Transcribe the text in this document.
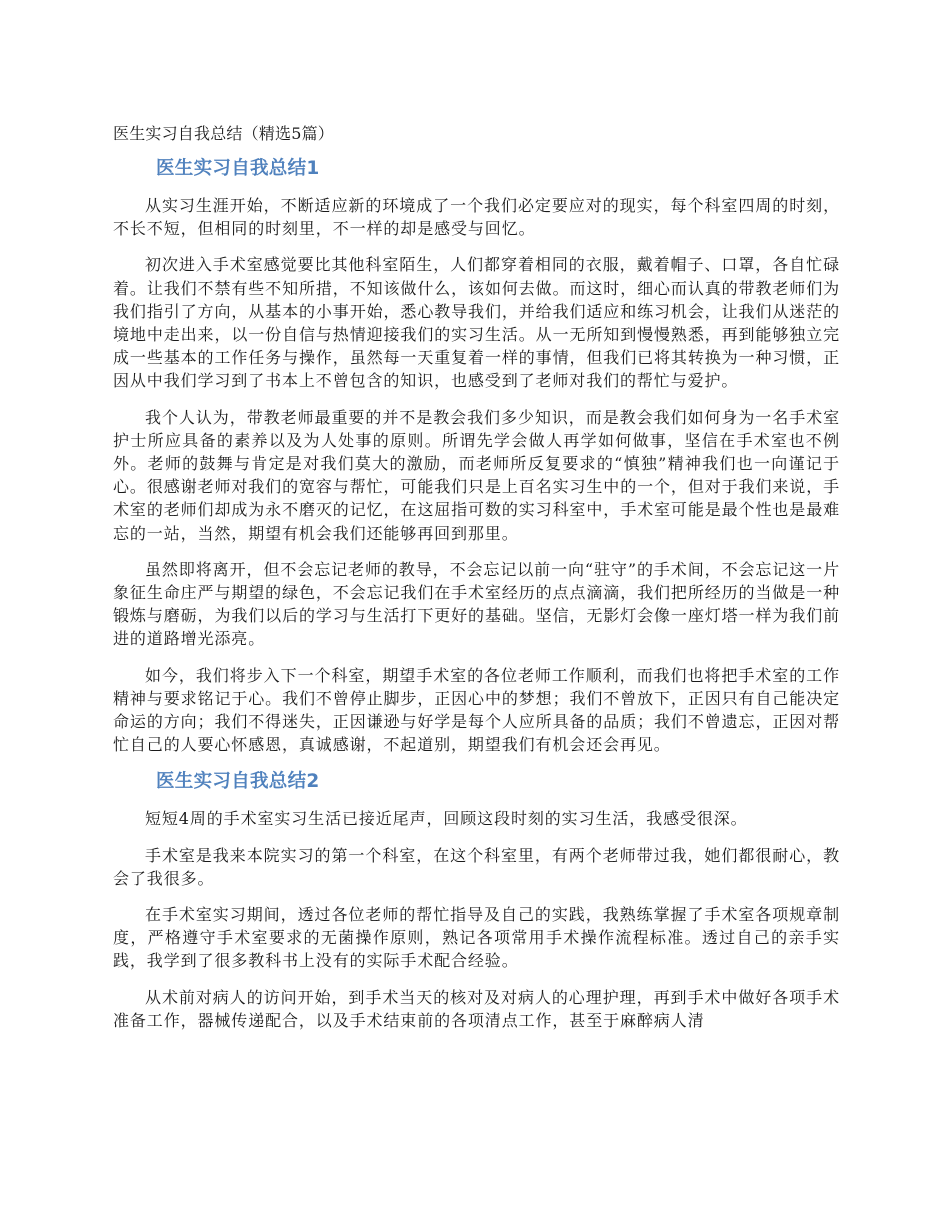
医生实习自我总结（精选5篇）
医生实习自我总结1

从实习生涯开始，不断适应新的环境成了一个我们必定要应对的现实，每个科室四周的时刻，不长不短，但相同的时刻里，不一样的却是感受与回忆。

初次进入手术室感觉要比其他科室陌生，人们都穿着相同的衣服，戴着帽子、口罩，各自忙碌着。让我们不禁有些不知所措，不知该做什么，该如何去做。而这时，细心而认真的带教老师们为我们指引了方向，从基本的小事开始，悉心教导我们，并给我们适应和练习机会，让我们从迷茫的境地中走出来，以一份自信与热情迎接我们的实习生活。从一无所知到慢慢熟悉，再到能够独立完成一些基本的工作任务与操作，虽然每一天重复着一样的事情，但我们已将其转换为一种习惯，正因从中我们学习到了书本上不曾包含的知识，也感受到了老师对我们的帮忙与爱护。

我个人认为，带教老师最重要的并不是教会我们多少知识，而是教会我们如何身为一名手术室护士所应具备的素养以及为人处事的原则。所谓先学会做人再学如何做事，坚信在手术室也不例外。老师的鼓舞与肯定是对我们莫大的激励，而老师所反复要求的“慎独”精神我们也一向谨记于心。很感谢老师对我们的宽容与帮忙，可能我们只是上百名实习生中的一个，但对于我们来说，手术室的老师们却成为永不磨灭的记忆，在这屈指可数的实习科室中，手术室可能是最个性也是最难忘的一站，当然，期望有机会我们还能够再回到那里。

虽然即将离开，但不会忘记老师的教导，不会忘记以前一向“驻守”的手术间，不会忘记这一片象征生命庄严与期望的绿色，不会忘记我们在手术室经历的点点滴滴，我们把所经历的当做是一种锻炼与磨砺，为我们以后的学习与生活打下更好的基础。坚信，无影灯会像一座灯塔一样为我们前进的道路增光添亮。

如今，我们将步入下一个科室，期望手术室的各位老师工作顺利，而我们也将把手术室的工作精神与要求铭记于心。我们不曾停止脚步，正因心中的梦想；我们不曾放下，正因只有自己能决定命运的方向；我们不得迷失，正因谦逊与好学是每个人应所具备的品质；我们不曾遗忘，正因对帮忙自己的人要心怀感恩，真诚感谢，不起道别，期望我们有机会还会再见。

医生实习自我总结2

短短4周的手术室实习生活已接近尾声，回顾这段时刻的实习生活，我感受很深。

手术室是我来本院实习的第一个科室，在这个科室里，有两个老师带过我，她们都很耐心，教会了我很多。

在手术室实习期间，透过各位老师的帮忙指导及自己的实践，我熟练掌握了手术室各项规章制度，严格遵守手术室要求的无菌操作原则，熟记各项常用手术操作流程标准。透过自己的亲手实践，我学到了很多教科书上没有的实际手术配合经验。

从术前对病人的访问开始，到手术当天的核对及对病人的心理护理，再到手术中做好各项手术准备工作，器械传递配合，以及手术结束前的各项清点工作，甚至于麻醉病人清
